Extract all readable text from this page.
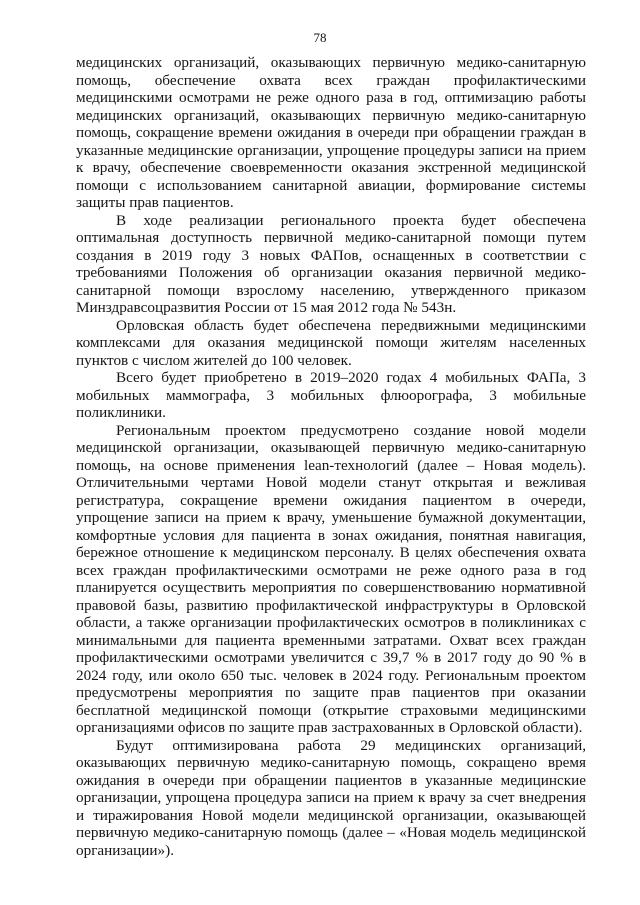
78

медицинских организаций, оказывающих первичную медико-санитарную помощь, обеспечение охвата всех граждан профилактическими медицинскими осмотрами не реже одного раза в год, оптимизацию работы медицинских организаций, оказывающих первичную медико-санитарную помощь, сокращение времени ожидания в очереди при обращении граждан в указанные медицинские организации, упрощение процедуры записи на прием к врачу, обеспечение своевременности оказания экстренной медицинской помощи с использованием санитарной авиации, формирование системы защиты прав пациентов.

В ходе реализации регионального проекта будет обеспечена оптимальная доступность первичной медико-санитарной помощи путем создания в 2019 году 3 новых ФАПов, оснащенных в соответствии с требованиями Положения об организации оказания первичной медико-санитарной помощи взрослому населению, утвержденного приказом Минздравсоцразвития России от 15 мая 2012 года № 543н.

Орловская область будет обеспечена передвижными медицинскими комплексами для оказания медицинской помощи жителям населенных пунктов с числом жителей до 100 человек.

Всего будет приобретено в 2019–2020 годах 4 мобильных ФАПа, 3 мобильных маммографа, 3 мобильных флюорографа, 3 мобильные поликлиники.

Региональным проектом предусмотрено создание новой модели медицинской организации, оказывающей первичную медико-санитарную помощь, на основе применения lean-технологий (далее – Новая модель). Отличительными чертами Новой модели станут открытая и вежливая регистратура, сокращение времени ожидания пациентом в очереди, упрощение записи на прием к врачу, уменьшение бумажной документации, комфортные условия для пациента в зонах ожидания, понятная навигация, бережное отношение к медицинском персоналу. В целях обеспечения охвата всех граждан профилактическими осмотрами не реже одного раза в год планируется осуществить мероприятия по совершенствованию нормативной правовой базы, развитию профилактической инфраструктуры в Орловской области, а также организации профилактических осмотров в поликлиниках с минимальными для пациента временными затратами. Охват всех граждан профилактическими осмотрами увеличится с 39,7 % в 2017 году до 90 % в 2024 году, или около 650 тыс. человек в 2024 году. Региональным проектом предусмотрены мероприятия по защите прав пациентов при оказании бесплатной медицинской помощи (открытие страховыми медицинскими организациями офисов по защите прав застрахованных в Орловской области).

Будут оптимизирована работа 29 медицинских организаций, оказывающих первичную медико-санитарную помощь, сокращено время ожидания в очереди при обращении пациентов в указанные медицинские организации, упрощена процедура записи на прием к врачу за счет внедрения и тиражирования Новой модели медицинской организации, оказывающей первичную медико-санитарную помощь (далее – «Новая модель медицинской организации»).
